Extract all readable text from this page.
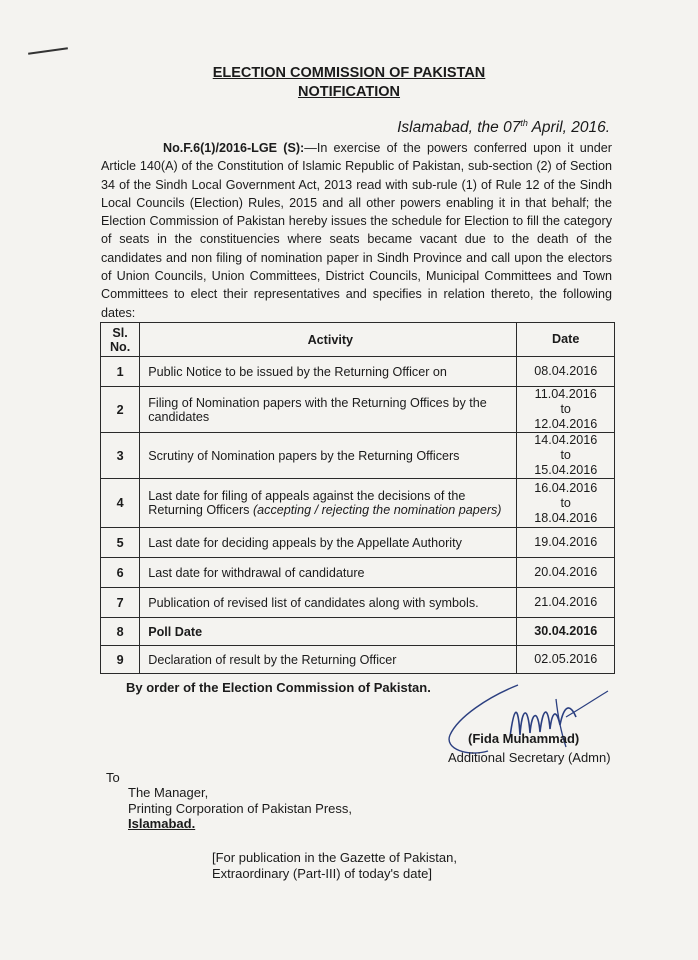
ELECTION COMMISSION OF PAKISTAN
NOTIFICATION
Islamabad, the 07th April, 2016.
No.F.6(1)/2016-LGE (S):—In exercise of the powers conferred upon it under Article 140(A) of the Constitution of Islamic Republic of Pakistan, sub-section (2) of Section 34 of the Sindh Local Government Act, 2013 read with sub-rule (1) of Rule 12 of the Sindh Local Councils (Election) Rules, 2015 and all other powers enabling it in that behalf; the Election Commission of Pakistan hereby issues the schedule for Election to fill the category of seats in the constituencies where seats became vacant due to the death of the candidates and non filing of nomination paper in Sindh Province and call upon the electors of Union Councils, Union Committees, District Councils, Municipal Committees and Town Committees to elect their representatives and specifies in relation thereto, the following dates:
Sl. No.	Activity	Date
1	Public Notice to be issued by the Returning Officer on	08.04.2016

2	Filing of Nomination papers with the Returning Offices by the candidates	11.04.2016
to
12.04.2016

3	Scrutiny of Nomination papers by the Returning Officers	14.04.2016
to
15.04.2016

4	Last date for filing of appeals against the decisions of the Returning Officers (accepting / rejecting the nomination papers)	16.04.2016
to
18.04.2016

5	Last date for deciding appeals by the Appellate Authority	19.04.2016

6	Last date for withdrawal of candidature	20.04.2016

7	Publication of revised list of candidates along with symbols.	21.04.2016

8	Poll Date	30.04.2016

9	Declaration of result by the Returning Officer	02.05.2016
By order of the Election Commission of Pakistan.
(Fida Muhammad)
Additional Secretary (Admn)
To
The Manager,
Printing Corporation of Pakistan Press,
Islamabad.
[For publication in the Gazette of Pakistan,
Extraordinary (Part-III) of today's date]
